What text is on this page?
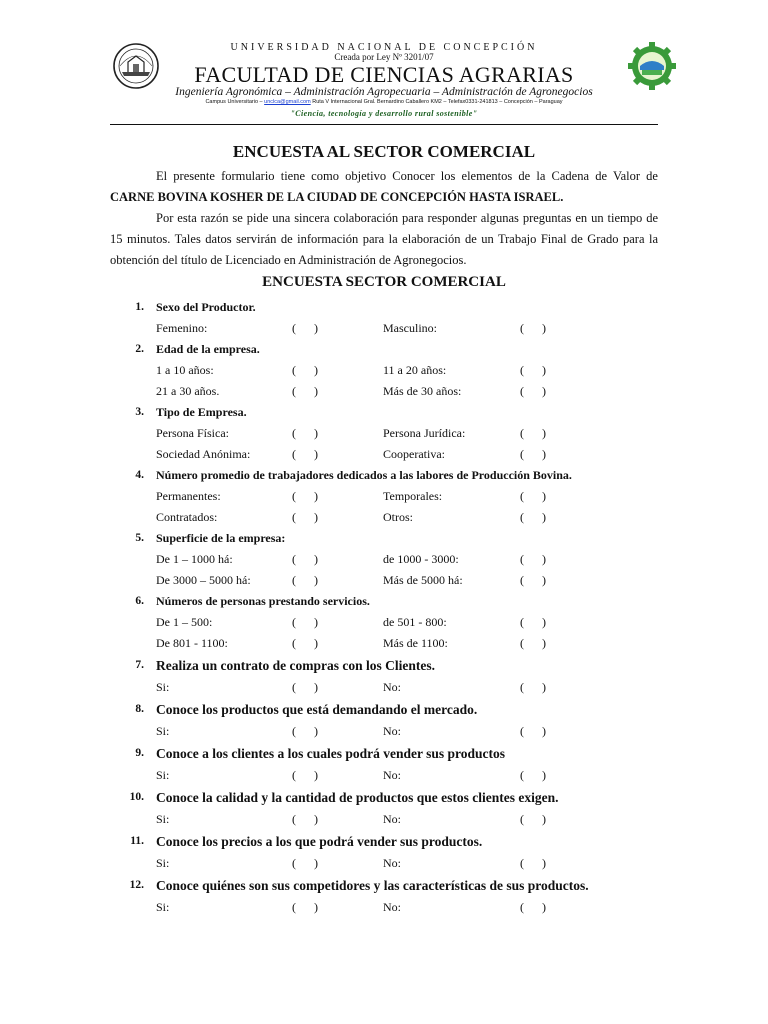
UNIVERSIDAD NACIONAL DE CONCEPCIÓN
Creada por Ley Nº 3201/07
FACULTAD DE CIENCIAS AGRARIAS
Ingeniería Agronómica – Administración Agropecuaria – Administración de Agronegocios
Campus Universitario – unclca@gmail.com Ruta V Internacional Gral. Bernardino Caballero KM2 – Telefax0331-241813 – Concepción – Paraguay
"Ciencia, tecnología y desarrollo rural sostenible"
ENCUESTA AL SECTOR COMERCIAL

El presente formulario tiene como objetivo Conocer los elementos de la Cadena de Valor de CARNE BOVINA KOSHER DE LA CIUDAD DE CONCEPCIÓN HASTA ISRAEL.

Por esta razón se pide una sincera colaboración para responder algunas preguntas en un tiempo de 15 minutos. Tales datos servirán de información para la elaboración de un Trabajo Final de Grado para la obtención del título de Licenciado en Administración de Agronegocios.

ENCUESTA SECTOR COMERCIAL
1. Sexo del Productor.
Femenino:	(      )	Masculino:	(      )
2. Edad de la empresa.
1 a 10 años:	(      )	11 a 20 años:	(      )
21 a 30 años.	(      )	Más de 30 años:	(      )
3. Tipo de Empresa.
Persona Física:	(      )	Persona Jurídica:	(      )
Sociedad Anónima:	(      )	Cooperativa:	(      )
4. Número promedio de trabajadores dedicados a las labores de Producción Bovina.
Permanentes:	(      )	Temporales:	(      )
Contratados:	(      )	Otros:	(      )
5. Superficie de la empresa:
De 1 – 1000 há:	(      )	de 1000 - 3000:	(      )
De 3000 – 5000 há:	(      )	Más de 5000 há:	(      )
6. Números de personas prestando servicios.
De 1 – 500:	(      )	de 501 - 800:	(      )
De 801 - 1100:	(      )	Más de 1100:	(      )
7. Realiza un contrato de compras con los Clientes.
Si:	(      )	No:	(      )
8. Conoce los productos que está demandando el mercado.
Si:	(      )	No:	(      )
9. Conoce a los clientes a los cuales podrá vender sus productos
Si:	(      )	No:	(      )
10. Conoce la calidad y la cantidad de productos que estos clientes exigen.
Si:	(      )	No:	(      )
11. Conoce los precios a los que podrá vender sus productos.
Si:	(      )	No:	(      )
12. Conoce quiénes son sus competidores y las características de sus productos.
Si:	(      )	No:	(      )
